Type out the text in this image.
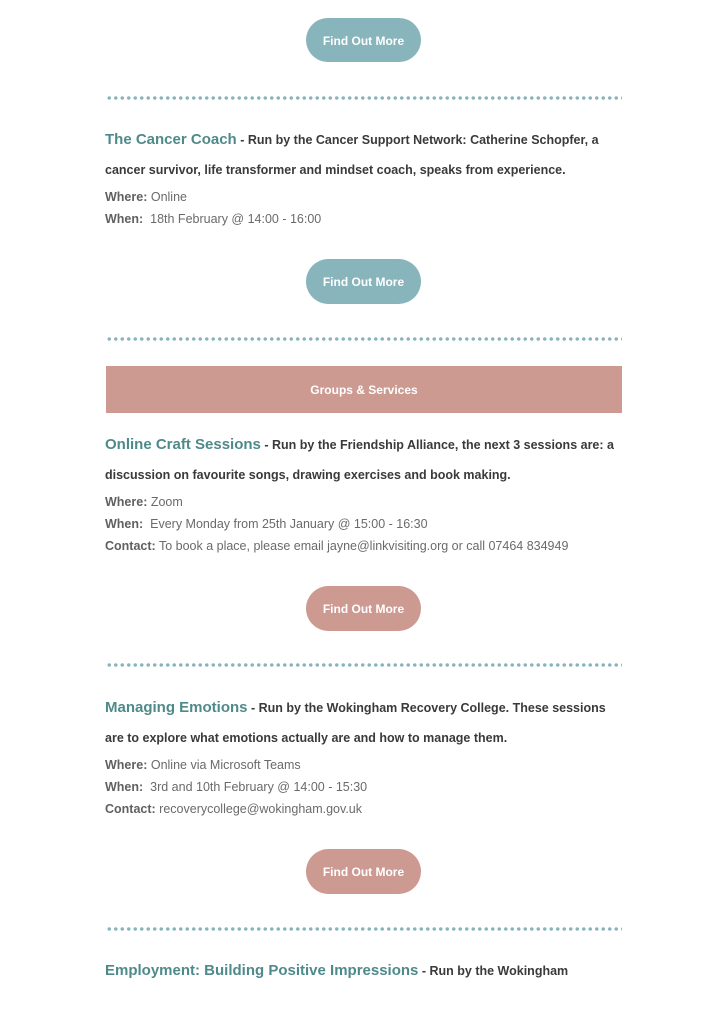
Find Out More
The Cancer Coach - Run by the Cancer Support Network: Catherine Schopfer, a cancer survivor, life transformer and mindset coach, speaks from experience.
Where: Online
When:  18th February @ 14:00 - 16:00
Find Out More
Groups & Services
Online Craft Sessions - Run by the Friendship Alliance, the next 3 sessions are: a discussion on favourite songs, drawing exercises and book making.
Where: Zoom
When:  Every Monday from 25th January @ 15:00 - 16:30
Contact: To book a place, please email jayne@linkvisiting.org or call 07464 834949
Find Out More
Managing Emotions - Run by the Wokingham Recovery College. These sessions are to explore what emotions actually are and how to manage them.
Where: Online via Microsoft Teams
When:  3rd and 10th February @ 14:00 - 15:30
Contact: recoverycollege@wokingham.gov.uk
Find Out More
Employment: Building Positive Impressions - Run by the Wokingham
